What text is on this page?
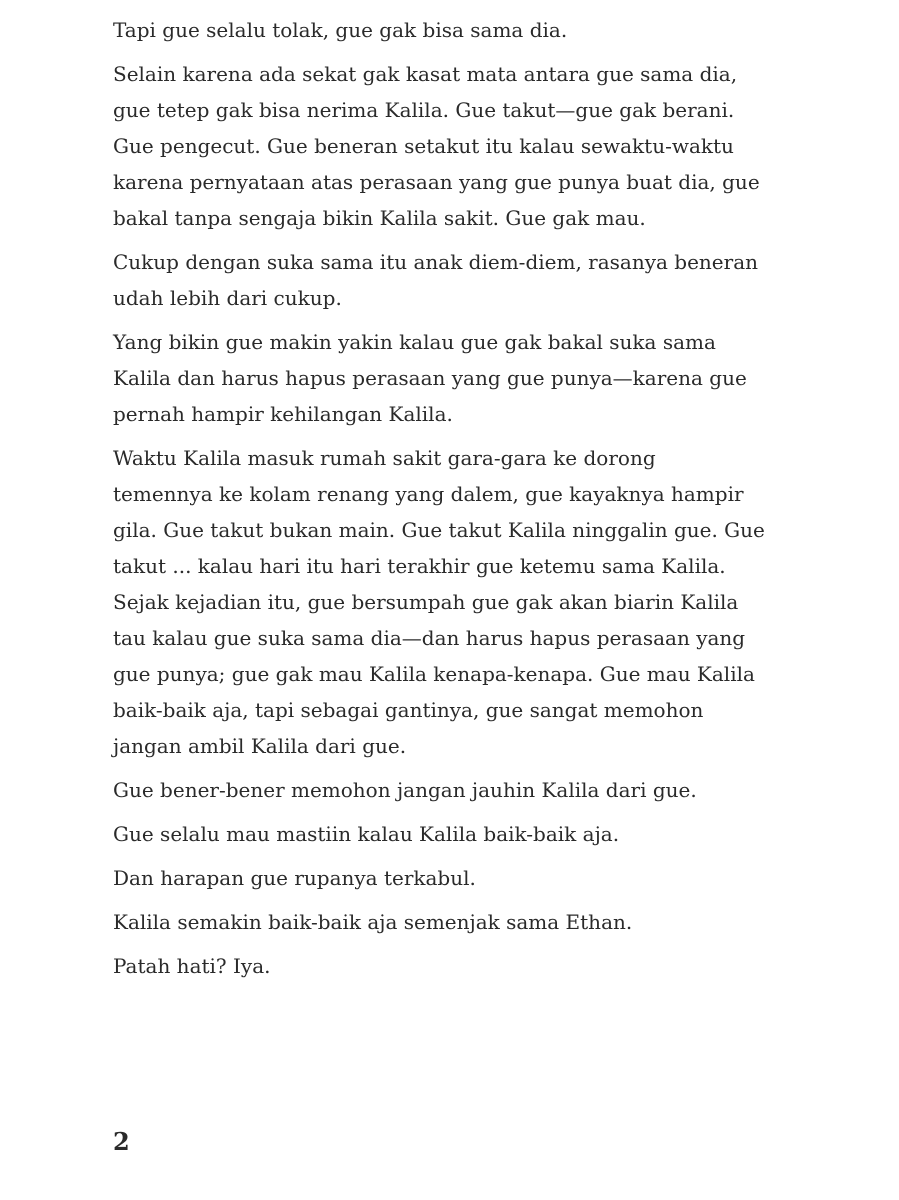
Tapi gue selalu tolak, gue gak bisa sama dia.

Selain karena ada sekat gak kasat mata antara gue sama dia,
gue tetep gak bisa nerima Kalila. Gue takut—gue gak berani.
Gue pengecut. Gue beneran setakut itu kalau sewaktu-waktu
karena pernyataan atas perasaan yang gue punya buat dia, gue
bakal tanpa sengaja bikin Kalila sakit. Gue gak mau.

Cukup dengan suka sama itu anak diem-diem, rasanya beneran
udah lebih dari cukup.

Yang bikin gue makin yakin kalau gue gak bakal suka sama
Kalila dan harus hapus perasaan yang gue punya—karena gue
pernah hampir kehilangan Kalila.

Waktu Kalila masuk rumah sakit gara-gara ke dorong
temennya ke kolam renang yang dalem, gue kayaknya hampir
gila. Gue takut bukan main. Gue takut Kalila ninggalin gue. Gue
takut ... kalau hari itu hari terakhir gue ketemu sama Kalila.
Sejak kejadian itu, gue bersumpah gue gak akan biarin Kalila
tau kalau gue suka sama dia—dan harus hapus perasaan yang
gue punya; gue gak mau Kalila kenapa-kenapa. Gue mau Kalila
baik-baik aja, tapi sebagai gantinya, gue sangat memohon
jangan ambil Kalila dari gue.

Gue bener-bener memohon jangan jauhin Kalila dari gue.

Gue selalu mau mastiin kalau Kalila baik-baik aja.

Dan harapan gue rupanya terkabul.

Kalila semakin baik-baik aja semenjak sama Ethan.

Patah hati? Iya.

2
